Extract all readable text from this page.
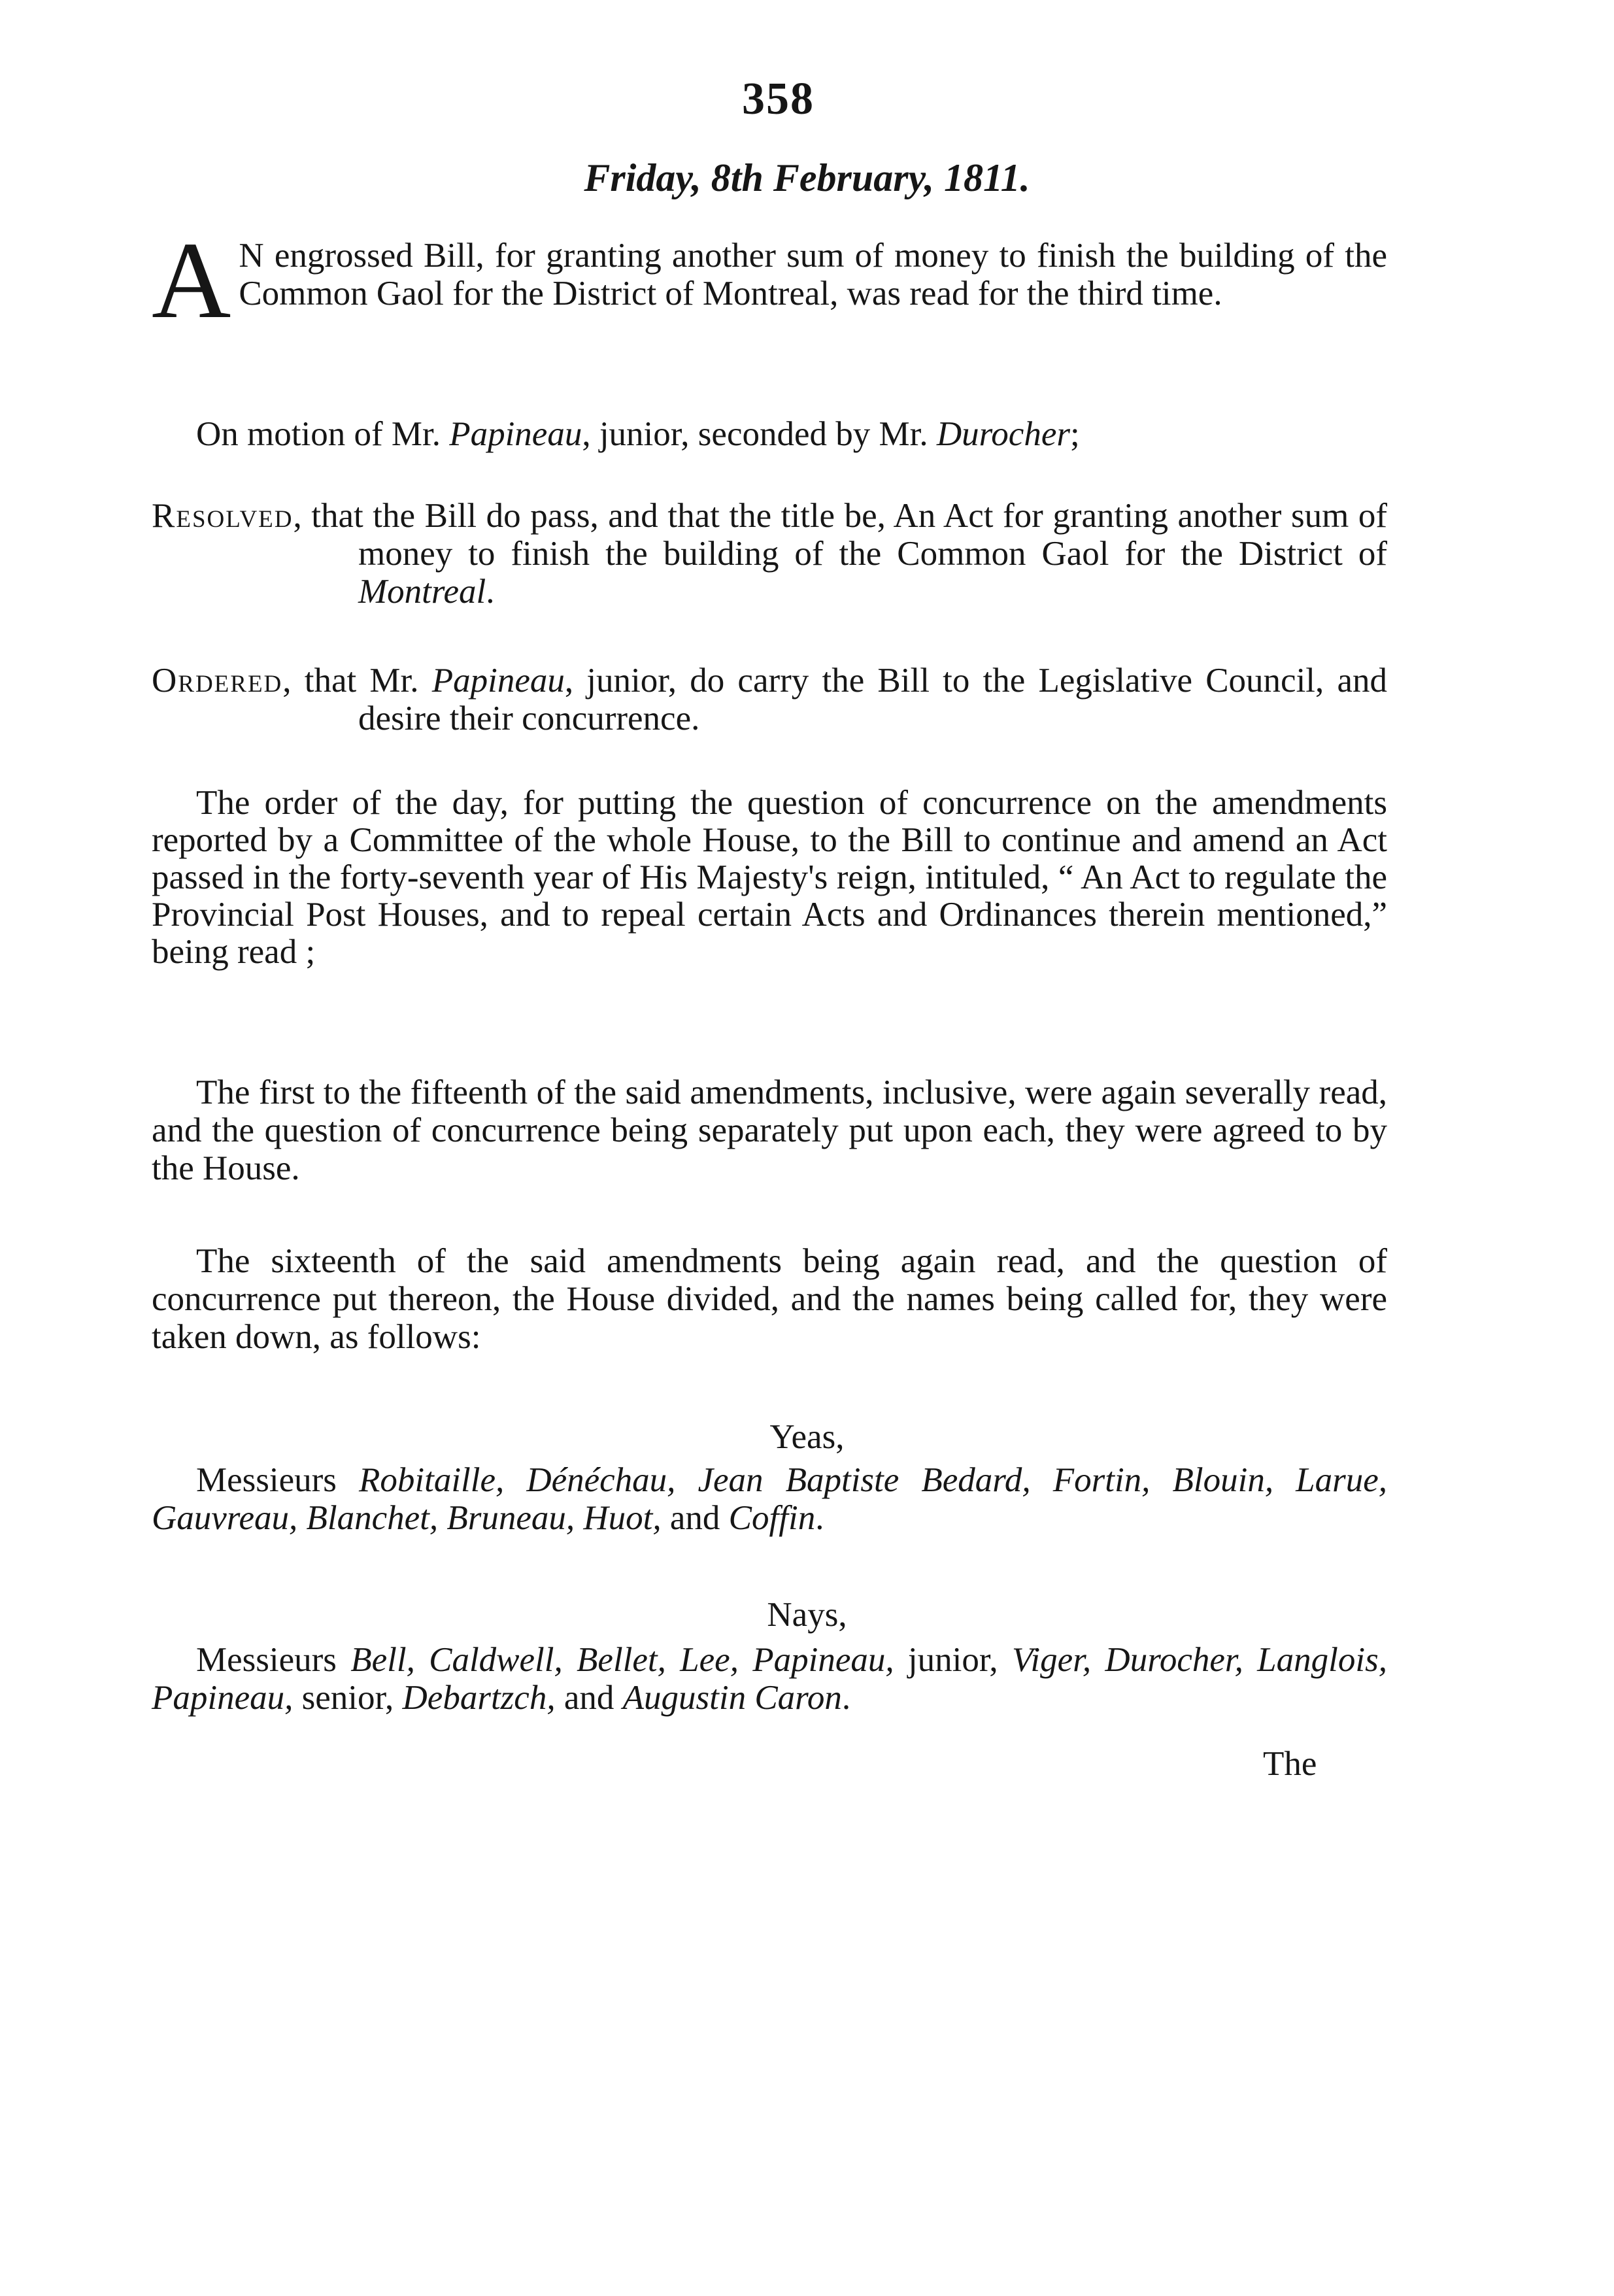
358
Friday, 8th February, 1811.
A N engrossed Bill, for granting another sum of money to finish the building of the Common Gaol for the District of Montreal, was read for the third time.
On motion of Mr. Papineau, junior, seconded by Mr. Durocher;
Resolved, that the Bill do pass, and that the title be, An Act for granting another sum of money to finish the building of the Common Gaol for the District of Montreal.
Ordered, that Mr. Papineau, junior, do carry the Bill to the Legislative Council, and desire their concurrence.
The order of the day, for putting the question of concurrence on the amendments reported by a Committee of the whole House, to the Bill to continue and amend an Act passed in the forty-seventh year of His Majesty's reign, intituled, “ An Act to regulate the Provincial Post Houses, and to repeal certain Acts and Ordinances therein mentioned,” being read ;
The first to the fifteenth of the said amendments, inclusive, were again severally read, and the question of concurrence being separately put upon each, they were agreed to by the House.
The sixteenth of the said amendments being again read, and the question of concurrence put thereon, the House divided, and the names being called for, they were taken down, as follows:
Yeas,
Messieurs Robitaille, Dénéchau, Jean Baptiste Bedard, Fortin, Blouin, Larue, Gauvreau, Blanchet, Bruneau, Huot, and Coffin.
Nays,
Messieurs Bell, Caldwell, Bellet, Lee, Papineau, junior, Viger, Durocher, Langlois, Papineau, senior, Debartzch, and Augustin Caron.
The
